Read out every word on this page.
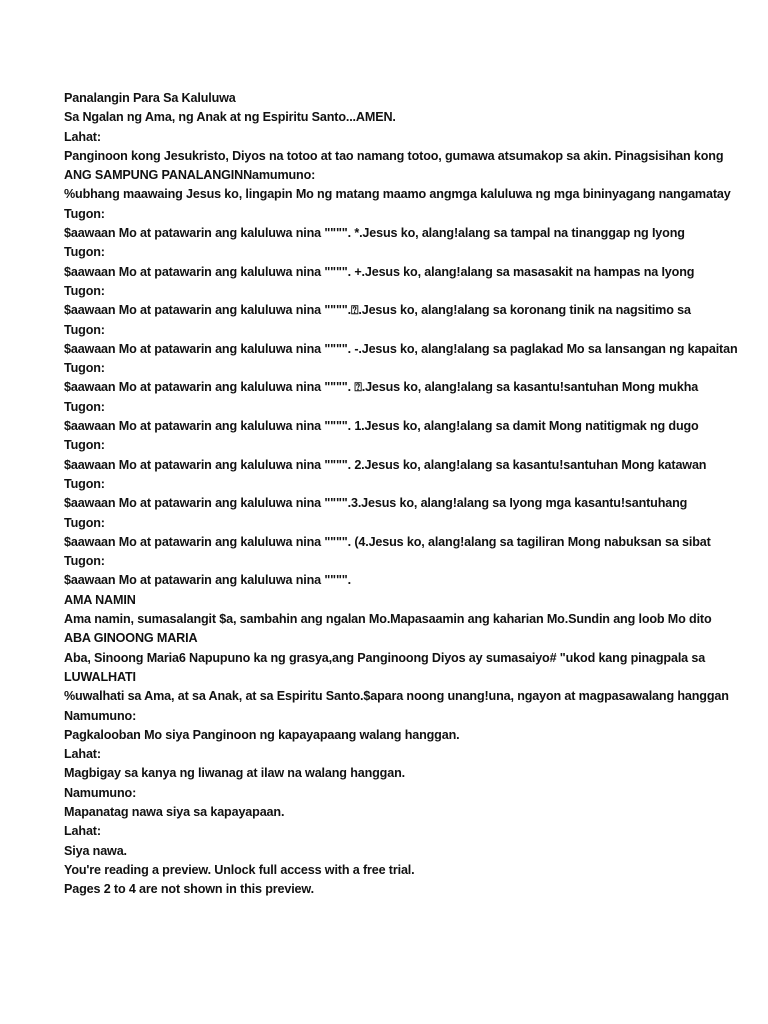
Panalangin Para Sa Kaluluwa
Sa Ngalan ng Ama, ng Anak at ng Espiritu Santo...AMEN.
Lahat:
Panginoon kong Jesukristo, Diyos na totoo at tao namang totoo, gumawa atsumakop sa akin. Pinagsisihan kong
ANG SAMPUNG PANALANGINNamumuno:
%ubhang maawaing Jesus ko, lingapin Mo ng matang maamo angmga kaluluwa ng mga bininyagang nangamatay
Tugon:
$aawaan Mo at patawarin ang kaluluwa nina """". *.Jesus ko, alang!alang sa tampal na tinanggap ng Iyong
Tugon:
$aawaan Mo at patawarin ang kaluluwa nina """". +.Jesus ko, alang!alang sa masasakit na hampas na Iyong
Tugon:
$aawaan Mo at patawarin ang kaluluwa nina """".⍰.Jesus ko, alang!alang sa koronang tinik na nagsitimo sa
Tugon:
$aawaan Mo at patawarin ang kaluluwa nina """". -.Jesus ko, alang!alang sa paglakad Mo sa lansangan ng kapaitan
Tugon:
$aawaan Mo at patawarin ang kaluluwa nina """". ⍰.Jesus ko, alang!alang sa kasantu!santuhan Mong mukha
Tugon:
$aawaan Mo at patawarin ang kaluluwa nina """". 1.Jesus ko, alang!alang sa damit Mong natitigmak ng dugo
Tugon:
$aawaan Mo at patawarin ang kaluluwa nina """". 2.Jesus ko, alang!alang sa kasantu!santuhan Mong katawan
Tugon:
$aawaan Mo at patawarin ang kaluluwa nina """".3.Jesus ko, alang!alang sa Iyong mga kasantu!santuhang
Tugon:
$aawaan Mo at patawarin ang kaluluwa nina """". (4.Jesus ko, alang!alang sa tagiliran Mong nabuksan sa sibat
Tugon:
$aawaan Mo at patawarin ang kaluluwa nina """".
AMA NAMIN
Ama namin, sumasalangit $a, sambahin ang ngalan Mo.Mapasaamin ang kaharian Mo.Sundin ang loob Mo dito
ABA GINOONG MARIA
Aba, Sinoong Maria6 Napupuno ka ng grasya,ang Panginoong Diyos ay sumasaiyo# "ukod kang pinagpala sa
LUWALHATI
%uwalhati sa Ama, at sa Anak, at sa Espiritu Santo.$apara noong unang!una, ngayon at magpasawalang hanggan
Namumuno:
Pagkalooban Mo siya Panginoon ng kapayapaang walang hanggan.
Lahat:
Magbigay sa kanya ng liwanag at ilaw na walang hanggan.
Namumuno:
Mapanatag nawa siya sa kapayapaan.
Lahat:
Siya nawa.
You're reading a preview. Unlock full access with a free trial.
Pages 2 to 4 are not shown in this preview.
